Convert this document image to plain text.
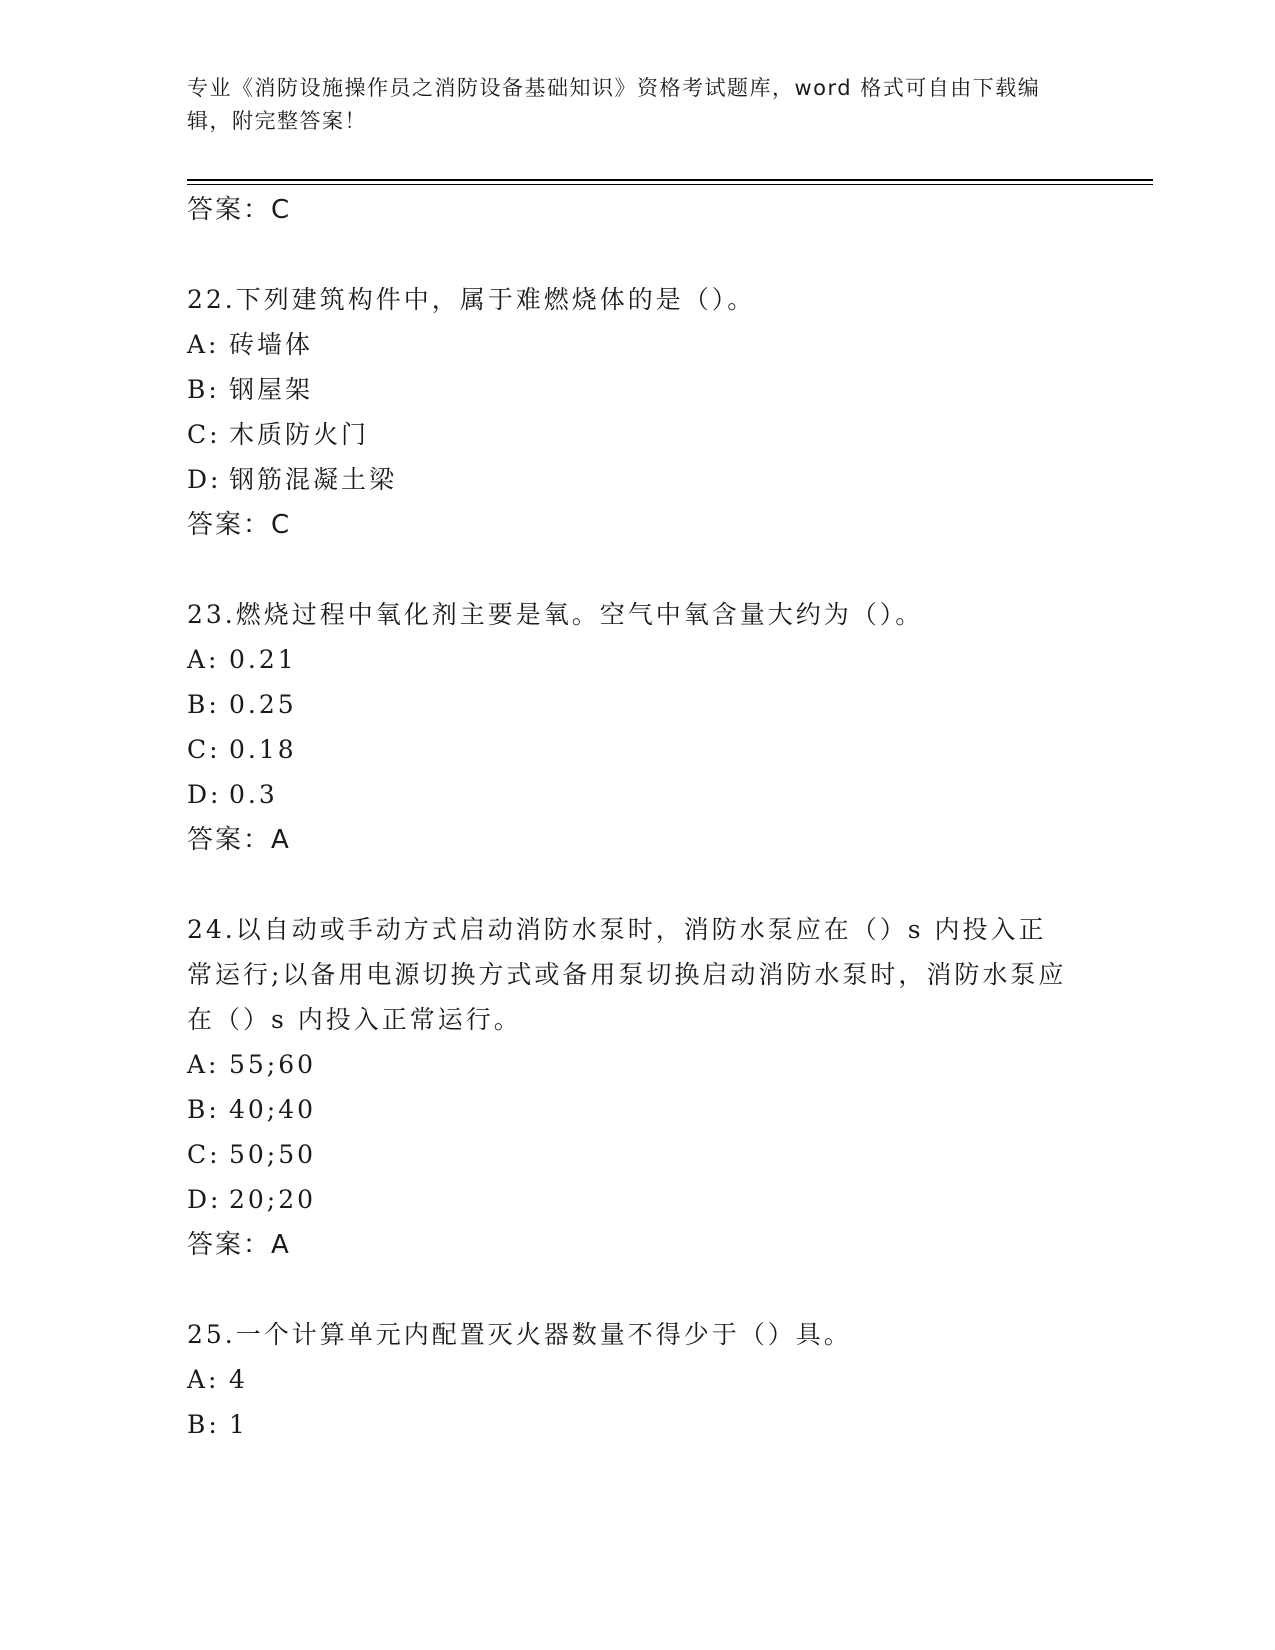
专业《消防设施操作员之消防设备基础知识》资格考试题库，word 格式可自由下载编辑，附完整答案！
答案：C
22.下列建筑构件中，属于难燃烧体的是（）。
A: 砖墙体
B: 钢屋架
C: 木质防火门
D: 钢筋混凝土梁
答案：C
23.燃烧过程中氧化剂主要是氧。空气中氧含量大约为（）。
A: 0.21
B: 0.25
C: 0.18
D: 0.3
答案：A
24.以自动或手动方式启动消防水泵时，消防水泵应在（）s 内投入正常运行;以备用电源切换方式或备用泵切换启动消防水泵时，消防水泵应在（）s 内投入正常运行。
A: 55;60
B: 40;40
C: 50;50
D: 20;20
答案：A
25.一个计算单元内配置灭火器数量不得少于（）具。
A: 4
B: 1
